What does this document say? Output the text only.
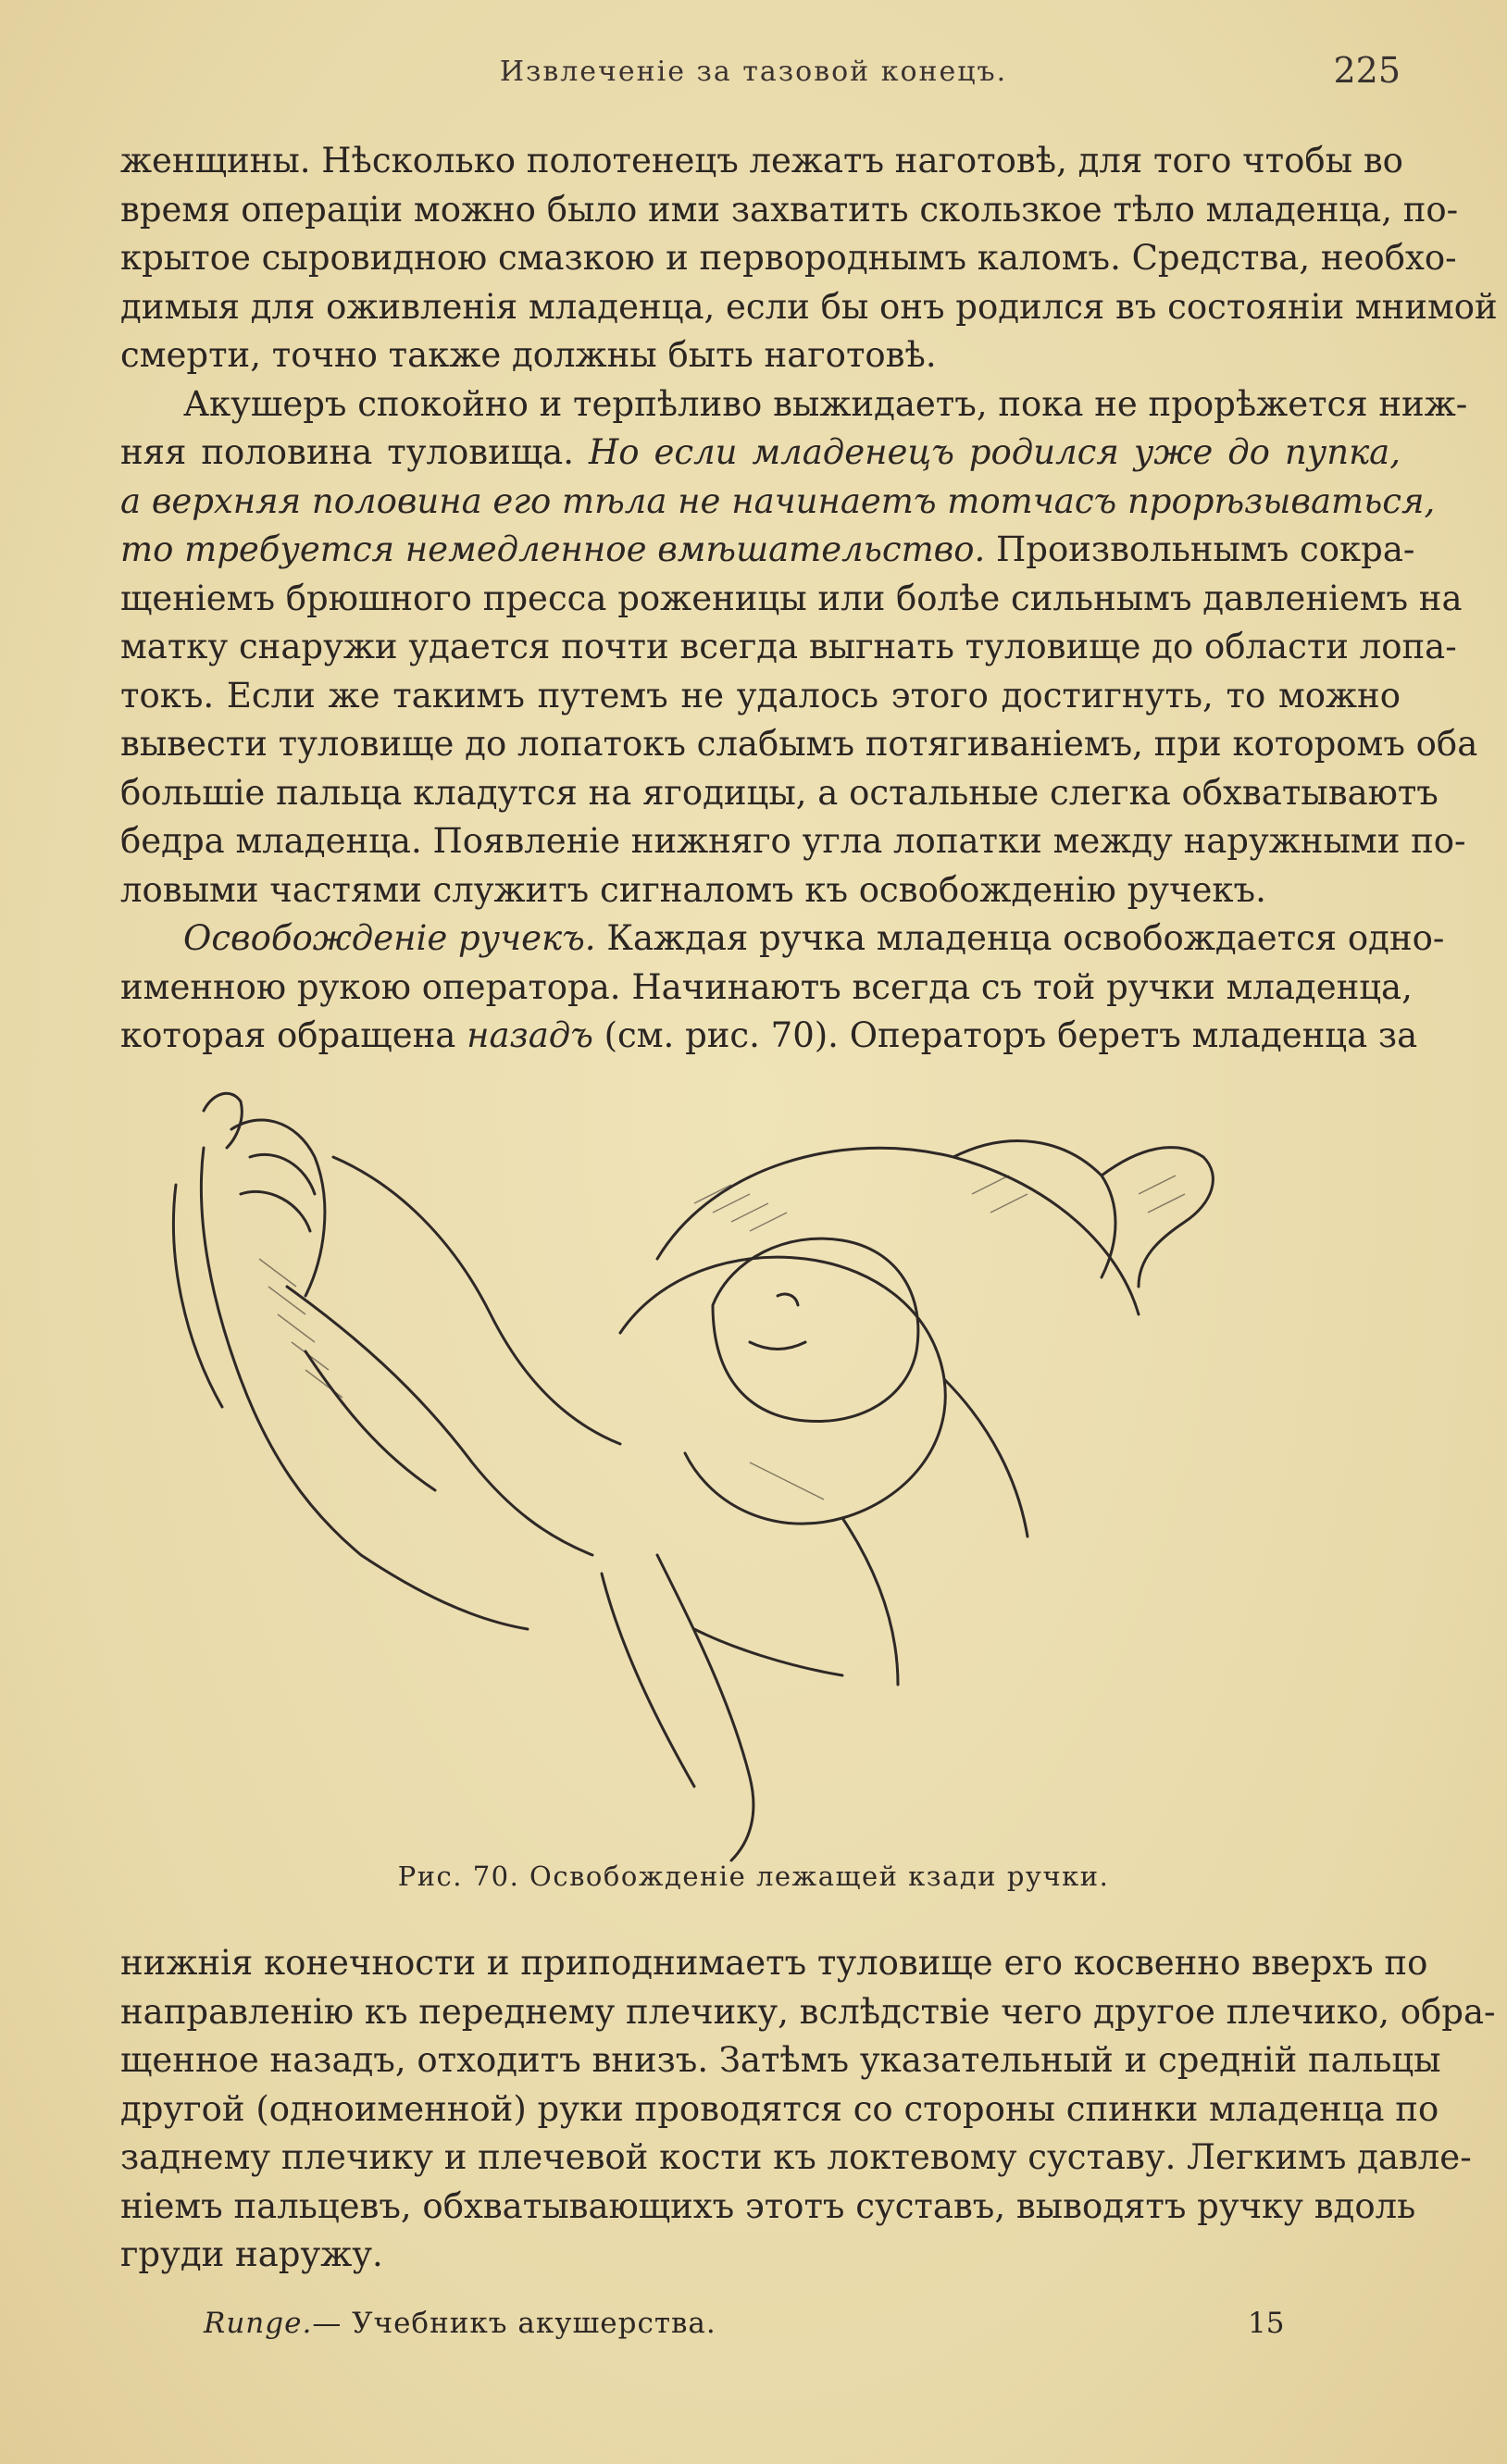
Извлеченіе за тазовой конецъ.	225
женщины. Нѣсколько полотенецъ лежатъ наготовѣ, для того чтобы во
время операціи можно было ими захватить скользкое тѣло младенца, по-
крытое сыровидною смазкою и первороднымъ каломъ. Средства, необхо-
димыя для оживленія младенца, если бы онъ родился въ состояніи мнимой
смерти, точно также должны быть наготовѣ.
Акушеръ спокойно и терпѣливо выжидаетъ, пока не прорѣжется ниж-
няя половина туловища. Но если младенецъ родился уже до пупка,
а верхняя половина его тѣла не начинаетъ тотчасъ прорѣзываться,
то требуется немедленное вмѣшательство. Произвольнымъ сокра-
щеніемъ брюшного пресса роженицы или болѣе сильнымъ давленіемъ на
матку снаружи удается почти всегда выгнать туловище до области лопа-
токъ. Если же такимъ путемъ не удалось этого достигнуть, то можно
вывести туловище до лопатокъ слабымъ потягиваніемъ, при которомъ оба
большіе пальца кладутся на ягодицы, а остальные слегка обхватываютъ
бедра младенца. Появленіе нижняго угла лопатки между наружными по-
ловыми частями служитъ сигналомъ къ освобожденію ручекъ.
Освобожденіе ручекъ. Каждая ручка младенца освобождается одно-
именною рукою оператора. Начинаютъ всегда съ той ручки младенца,
которая обращена назадъ (см. рис. 70). Операторъ беретъ младенца за
Рис. 70. Освобожденіе лежащей кзади ручки.
нижнія конечности и приподнимаетъ туловище его косвенно вверхъ по
направленію къ переднему плечику, вслѣдствіе чего другое плечико, обра-
щенное назадъ, отходитъ внизъ. Затѣмъ указательный и средній пальцы
другой (одноименной) руки проводятся со стороны спинки младенца по
заднему плечику и плечевой кости къ локтевому суставу. Легкимъ давле-
ніемъ пальцевъ, обхватывающихъ этотъ суставъ, выводятъ ручку вдоль
груди наружу.
Runge.— Учебникъ акушерства.	15
